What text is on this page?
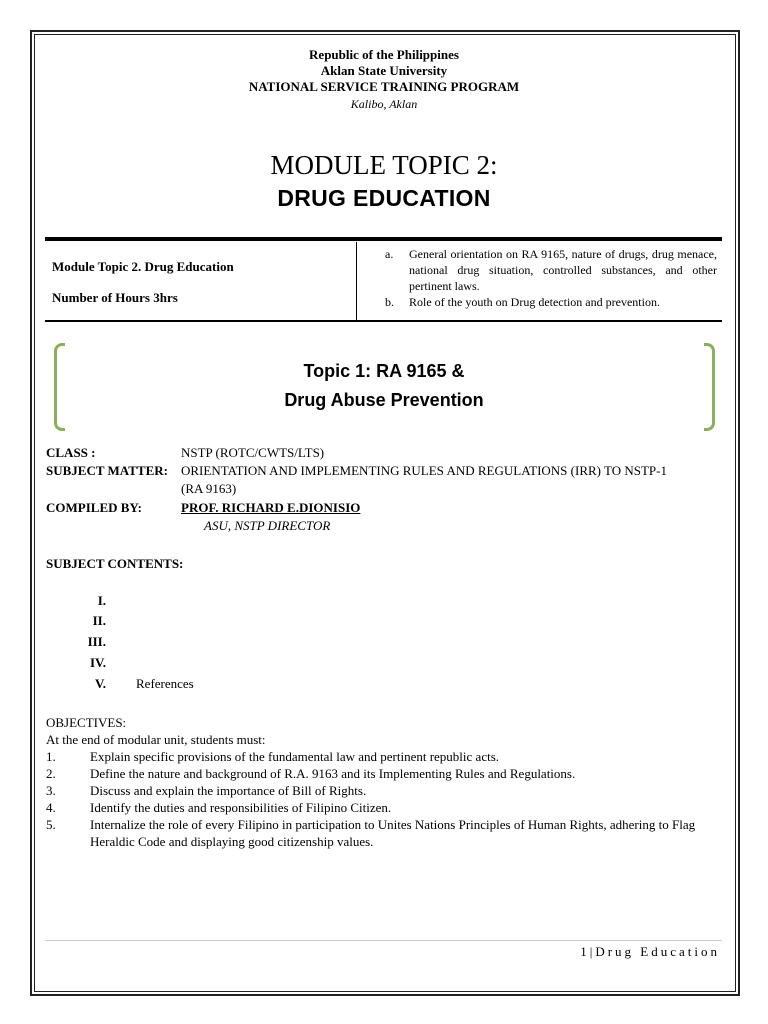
Republic of the Philippines
Aklan State University
NATIONAL SERVICE TRAINING PROGRAM
Kalibo, Aklan
MODULE TOPIC 2:
DRUG EDUCATION
Module Topic 2. Drug Education
Number of Hours 3hrs
a.	General orientation on RA 9165, nature of drugs, drug menace, national drug situation, controlled substances, and other pertinent laws.
b.	Role of the youth on Drug detection and prevention.
Topic 1: RA 9165 &
Drug Abuse Prevention
CLASS :	NSTP (ROTC/CWTS/LTS)
SUBJECT MATTER: ORIENTATION AND IMPLEMENTING RULES AND REGULATIONS (IRR) TO NSTP-1
(RA 9163)
COMPILED BY:	PROF. RICHARD E.DIONISIO
ASU, NSTP DIRECTOR
SUBJECT CONTENTS:
I.
II.
III.
IV.
V. References
OBJECTIVES:
At the end of modular unit, students must:
1.	Explain specific provisions of the fundamental law and pertinent republic acts.
2.	Define the nature and background of R.A. 9163 and its Implementing Rules and Regulations.
3.	Discuss and explain the importance of Bill of Rights.
4.	Identify the duties and responsibilities of Filipino Citizen.
5.	Internalize the role of every Filipino in participation to Unites Nations Principles of Human Rights, adhering to Flag Heraldic Code and displaying good citizenship values.
1|Drug Education
